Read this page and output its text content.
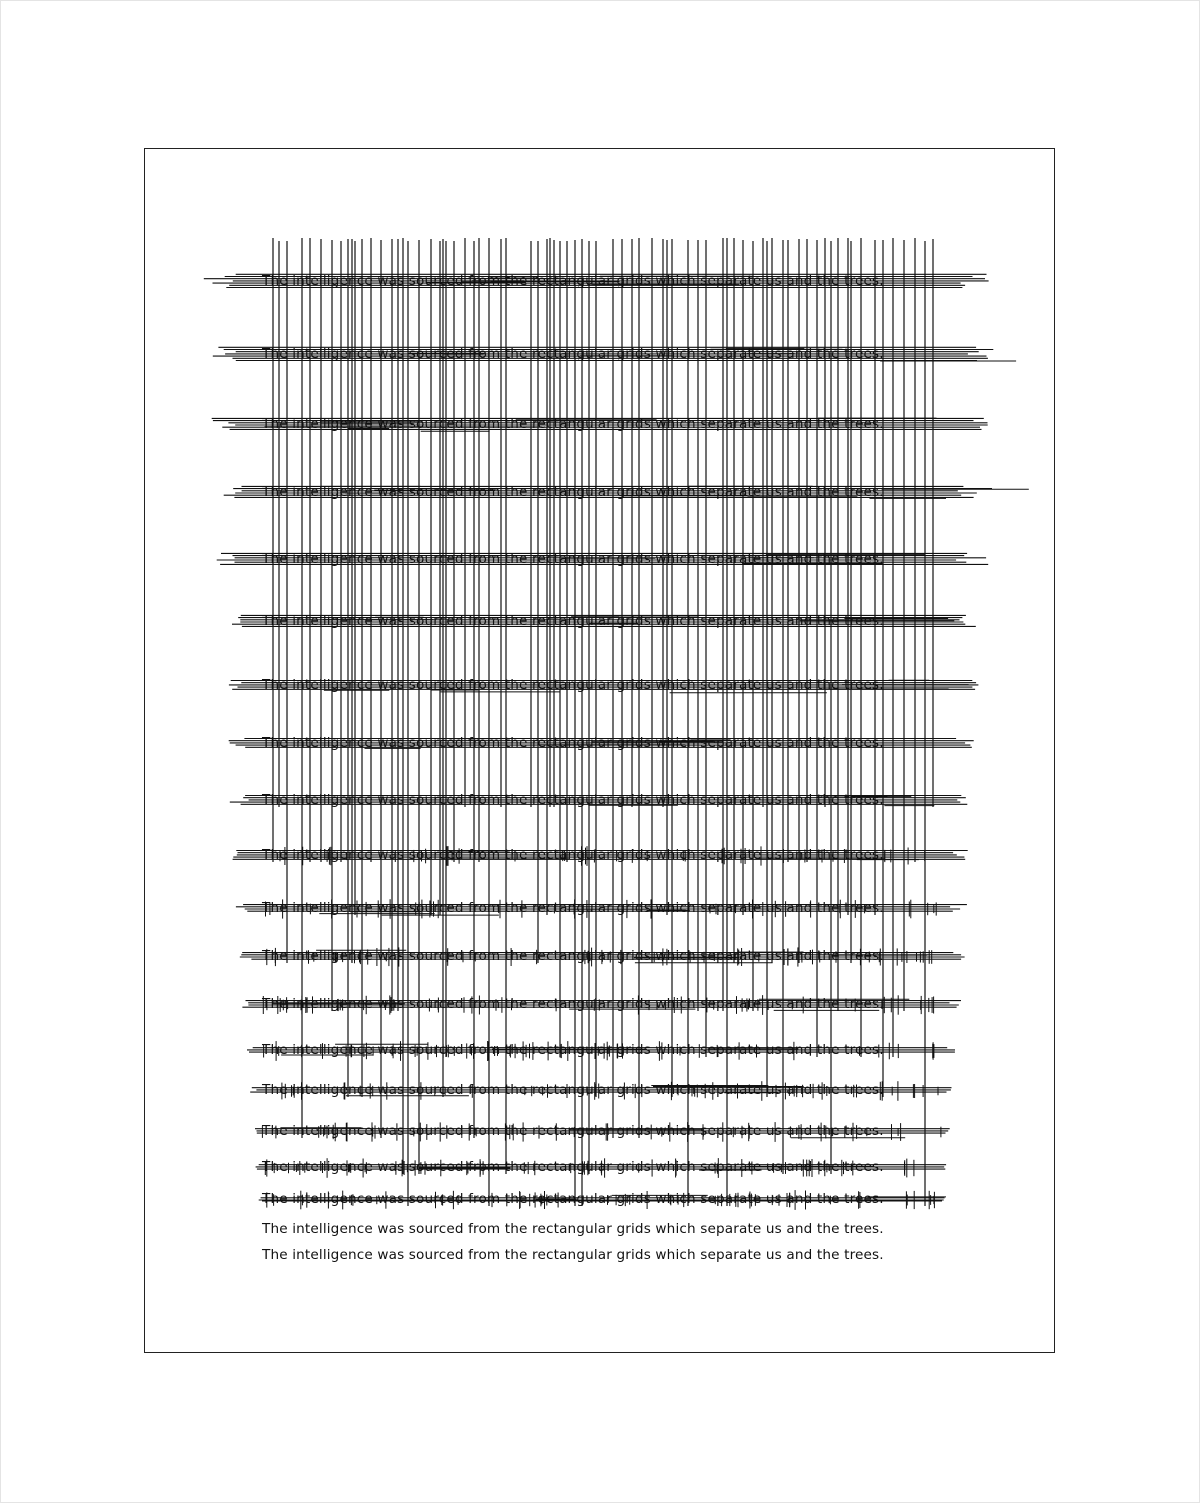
The intelligence was sourced from the rectangular grids which separate us and the trees.
The intelligence was sourced from the rectangular grids which separate us and the trees.
The intelligence was sourced from the rectangular grids which separate us and the trees.
The intelligence was sourced from the rectangular grids which separate us and the trees.
The intelligence was sourced from the rectangular grids which separate us and the trees.
The intelligence was sourced from the rectangular grids which separate us and the trees.
The intelligence was sourced from the rectangular grids which separate us and the trees.
The intelligence was sourced from the rectangular grids which separate us and the trees.
The intelligence was sourced from the rectangular grids which separate us and the trees.
The intelligence was sourced from the rectangular grids which separate us and the trees.
The intelligence was sourced from the rectangular grids which separate us and the trees.
The intelligence was sourced from the rectangular grids which separate us and the trees.
The intelligence was sourced from the rectangular grids which separate us and the trees.
The intelligence was sourced from the rectangular grids which separate us and the trees.
The intelligence was sourced from the rectangular grids which separate us and the trees.
The intelligence was sourced from the rectangular grids which separate us and the trees.
The intelligence was sourced from the rectangular grids which separate us and the trees.
The intelligence was sourced from the rectangular grids which separate us and the trees.
The intelligence was sourced from the rectangular grids which separate us and the trees.
The intelligence was sourced from the rectangular grids which separate us and the trees.
